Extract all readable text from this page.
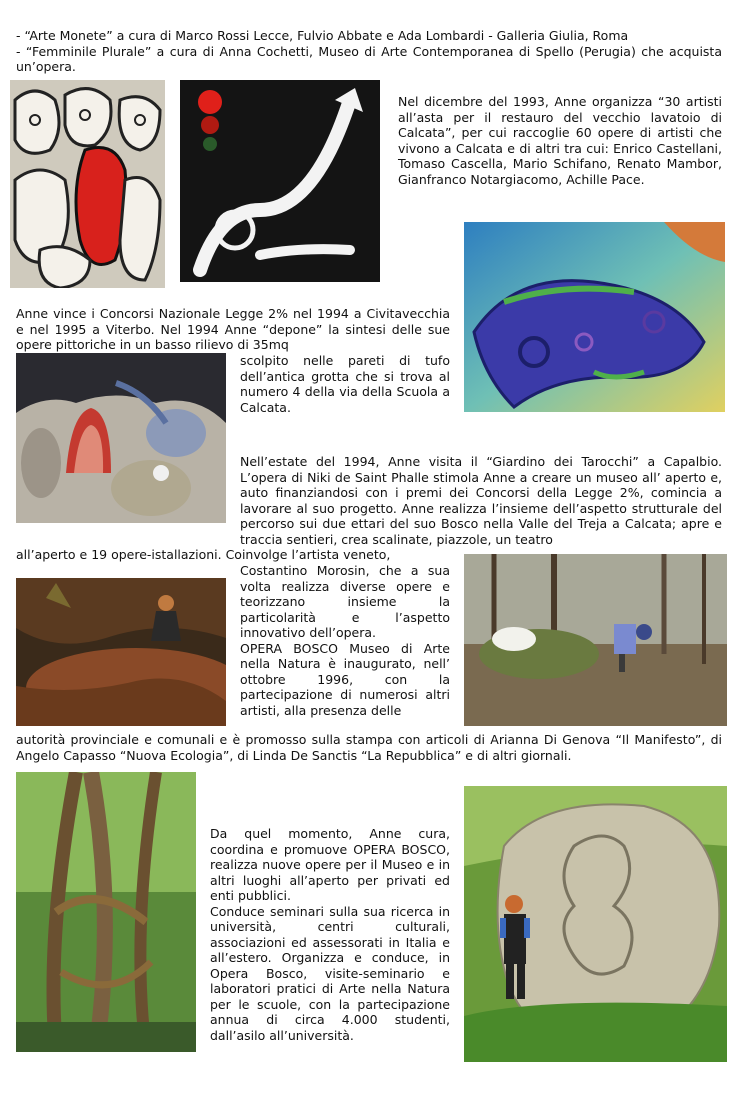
- “Arte Monete” a cura di Marco Rossi Lecce, Fulvio Abbate e Ada Lombardi - Galleria Giulia, Roma

- “Femminile Plurale” a cura di Anna Cochetti, Museo di Arte Contemporanea di Spello (Perugia) che acquista un’opera.

Nel dicembre del 1993, Anne organizza “30 artisti all’asta per il restauro del vecchio lavatoio di Calcata”, per cui raccoglie 60 opere di artisti che vivono a Calcata e di altri tra cui: Enrico Castellani, Tomaso Cascella, Mario Schifano, Renato Mambor, Gianfranco Notargiacomo, Achille Pace.

Anne vince i Concorsi Nazionale Legge 2% nel 1994 a Civitavecchia e nel 1995 a Viterbo. Nel 1994 Anne “depone” la sintesi delle sue opere pittoriche in un basso rilievo di 35mq

scolpito nelle pareti di tufo dell’antica grotta che si trova al numero 4 della via della Scuola a Calcata.

Nell’estate del 1994, Anne visita il “Giardino dei Tarocchi” a Capalbio. L’opera di Niki de Saint Phalle stimola Anne a creare un museo all’ aperto e, auto finanziandosi con i premi dei Concorsi della Legge 2%, comincia a lavorare al suo progetto. Anne realizza l’insieme dell’aspetto strutturale del percorso sui due ettari del suo Bosco nella Valle del Treja a Calcata; apre e traccia sentieri, crea scalinate, piazzole, un teatro

all’aperto e 19 opere-istallazioni. Coinvolge l’artista veneto,

Costantino Morosin, che a sua volta realizza diverse opere e teorizzano insieme la particolarità e l’aspetto innovativo dell’opera.

OPERA BOSCO Museo di Arte nella Natura è inaugurato, nell’ ottobre 1996, con la partecipazione di numerosi altri artisti, alla presenza delle

autorità provinciale e comunali e è promosso sulla stampa con articoli di Arianna Di Genova “Il Manifesto”, di Angelo Capasso “Nuova Ecologia”, di Linda De Sanctis “La Repubblica” e di altri giornali.

Da quel momento, Anne cura, coordina e promuove OPERA BOSCO, realizza nuove opere per il Museo e in altri luoghi all’aperto per privati ed enti pubblici.

Conduce seminari sulla sua ricerca in università, centri culturali, associazioni ed assessorati in Italia e all’estero. Organizza e conduce, in Opera Bosco, visite-seminario e laboratori pratici di Arte nella Natura per le scuole, con la partecipazione annua di circa 4.000 studenti, dall’asilo all’università.
